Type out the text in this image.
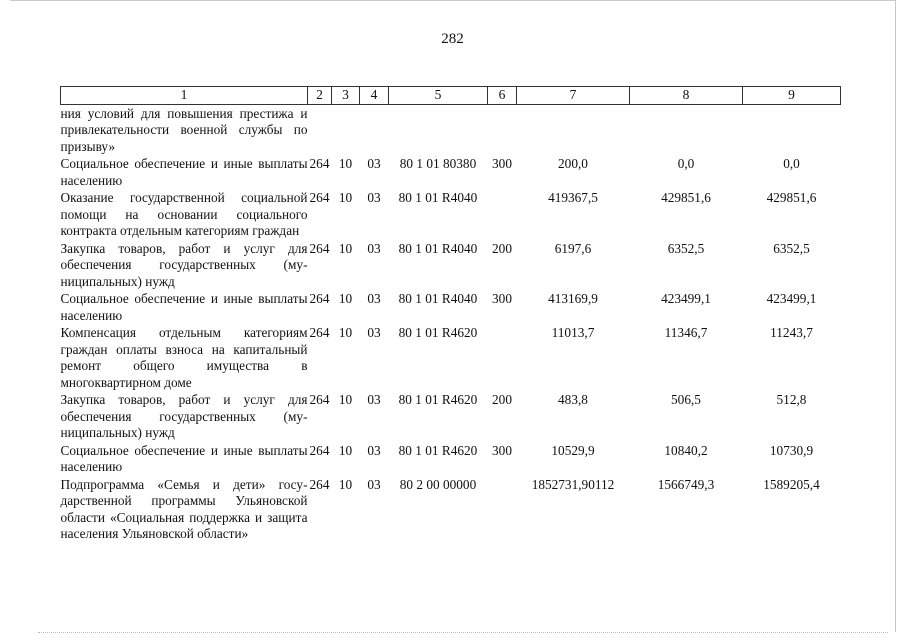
282
1	2	3	4	5	6	7	8	9
ния условий для повышения престижа и привлекательности военной службы по призыву»								
Социальное обеспечение и иные выплаты населению	264	10	03	80 1 01 80380	300	200,0	0,0	0,0
Оказание государственной социальной помощи на основании социального контракта отдельным категориям граждан	264	10	03	80 1 01 R4040		419367,5	429851,6	429851,6
Закупка товаров, работ и услуг для обеспечения государственных (муниципальных) нужд	264	10	03	80 1 01 R4040	200	6197,6	6352,5	6352,5
Социальное обеспечение и иные выплаты населению	264	10	03	80 1 01 R4040	300	413169,9	423499,1	423499,1
Компенсация отдельным категориям граждан оплаты взноса на капитальный ремонт общего имущества в многоквартирном доме	264	10	03	80 1 01 R4620		11013,7	11346,7	11243,7
Закупка товаров, работ и услуг для обеспечения государственных (муниципальных) нужд	264	10	03	80 1 01 R4620	200	483,8	506,5	512,8
Социальное обеспечение и иные выплаты населению	264	10	03	80 1 01 R4620	300	10529,9	10840,2	10730,9
Подпрограмма «Семья и дети» государственной программы Ульяновской области «Социальная поддержка и защита населения Ульяновской области»	264	10	03	80 2 00 00000		1852731,90112	1566749,3	1589205,4
